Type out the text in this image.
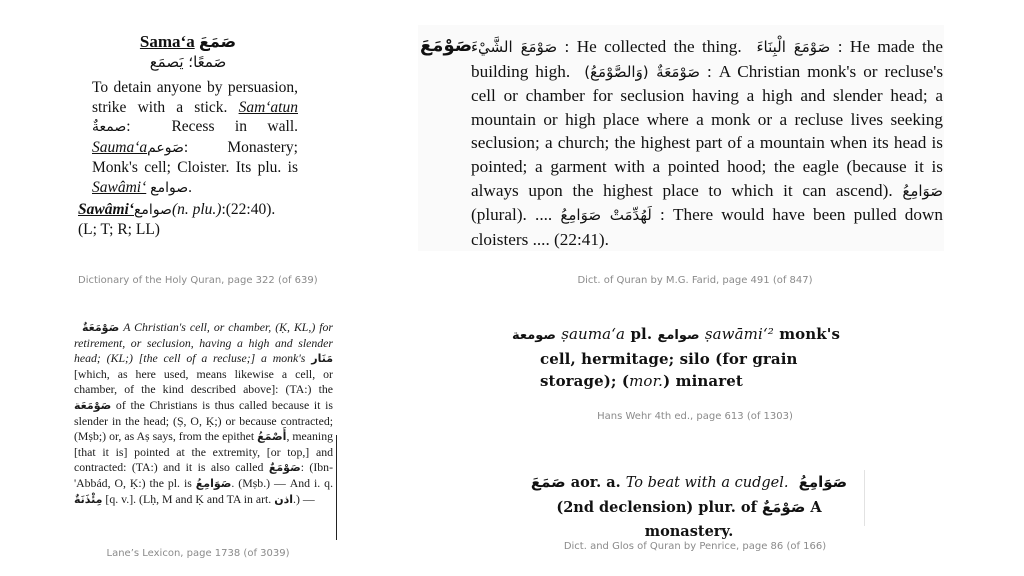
Sama‘a صَمَعَ
صَمعًا؛ يَصمَع
To detain anyone by persuasion, strike with a stick. Sam‘atun صمعةٌ:  Recess in wall. Sauma‘aصَوعم: Monastery; Monk's cell; Cloister. Its plu. is Sawâmi‘ صوامع.
Sawâmi‘صوامع(n. plu.):(22:40).
(L; T; R; LL)
Dictionary of the Holy Quran, page 322 (of 639)
صَوْمَعَ
صَوْمَعَ الشَّيْءَ : He collected the thing. صَوْمَعَ الْبِنَاءَ : He made the building high. صَوْمَعَةٌ (وَالصَّوْمَعُ) : A Christian monk's or recluse's cell or chamber for seclusion having a high and slender head; a mountain or high place where a monk or a recluse lives seeking seclusion; a church; the highest part of a mountain when its head is pointed; a garment with a pointed hood; the eagle (because it is always upon the highest place to which it can ascend). صَوَامِعُ (plural). .... لَهُدِّمَتْ صَوَامِعُ : There would have been pulled down cloisters .... (22:41).
Dict. of Quran by M.G. Farid, page 491 (of 847)
صَوْمَعَةٌ A Christian's cell, or chamber, (Ḳ, KL,) for retirement, or seclusion, having a high and slender head; (KL;) [the cell of a recluse;] a monk's مَنَار [which, as here used, means likewise a cell, or chamber, of the kind described above]: (TA:) the صَوْمَعَة of the Christians is thus called because it is slender in the head; (Ṣ, O, Ḳ;) or because contracted; (Mṣb;) or, as Aṣ says, from the epithet أَصْمَعُ, meaning [that it is] pointed at the extremity, [or top,] and contracted: (TA:) and it is also called صَوْمَعٌ: (Ibn-'Abbád, O, Ḳ:) the pl. is صَوَامِعُ. (Mṣb.) — And i. q. مِئْذَنَةٌ [q. v.]. (Lḥ, M and Ḳ and TA in art. اذن.) —
Lane’s Lexicon, page 1738 (of 3039)
صومعة ṣauma‘a pl. صوامع ṣawāmi‘² monk's cell, hermitage; silo (for grain storage); (mor.) minaret
Hans Wehr 4th ed., page 613 (of 1303)
صَمَعَ aor. a. To beat with a cudgel. صَوَامِعُ (2nd declension) plur. of صَوْمَعٌ A monastery.
Dict. and Glos of Quran by Penrice, page 86 (of 166)
